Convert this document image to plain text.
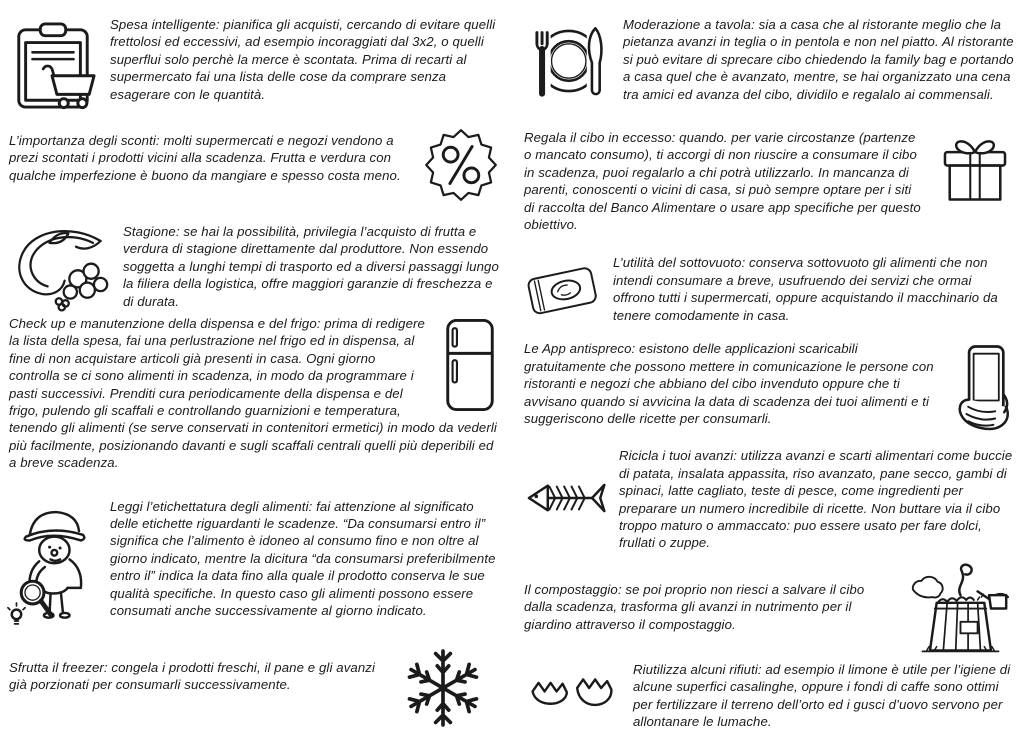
Spesa intelligente: pianifica gli acquisti, cercando di evitare quelli frettolosi ed eccessivi, ad esempio incoraggiati dal 3x2, o quelli superflui solo perchè la merce è scontata. Prima di recarti al supermercato fai una lista delle cose da comprare senza esagerare con le quantità.

L’importanza degli sconti: molti supermercati e negozi vendono a prezi scontati i prodotti vicini alla scadenza. Frutta e verdura con qualche imperfezione è buono da mangiare e spesso costa meno.

Stagione: se hai la possibilità, privilegia l’acquisto di frutta e verdura di stagione direttamente dal produttore. Non essendo soggetta a lunghi tempi di trasporto ed a diversi passaggi lungo la filiera della logistica, offre maggiori garanzie di freschezza e di durata.

Check up e manutenzione della dispensa e del frigo: prima di redigere la lista della spesa, fai una perlustrazione nel frigo ed in dispensa, al fine di non acquistare articoli già presenti in casa. Ogni giorno controlla se ci sono alimenti in scadenza, in modo da programmare i pasti successivi. Prenditi cura periodicamente della dispensa e del frigo, pulendo gli scaffali e controllando guarnizioni e temperatura, tenendo gli alimenti (se serve conservati in contenitori ermetici) in modo da vederli più facilmente, posizionando davanti e sugli scaffali centrali quelli più deperibili ed a breve scadenza.

Leggi l’etichettatura degli alimenti: fai attenzione al significato delle etichette riguardanti le scadenze. “Da consumarsi entro il” significa che l’alimento è idoneo al consumo fino e non oltre al giorno indicato, mentre la dicitura “da consumarsi preferibilmente entro il” indica la data fino alla quale il prodotto conserva le sue qualità specifiche. In questo caso gli alimenti possono essere consumati anche successivamente al giorno indicato.

Sfrutta il freezer: congela i prodotti freschi, il pane e gli avanzi già porzionati per consumarli successivamente.

Moderazione a tavola: sia a casa che al ristorante meglio che la pietanza avanzi in teglia o in pentola e non nel piatto. Al ristorante si può evitare di sprecare cibo chiedendo la family bag e portando a casa quel che è avanzato, mentre, se hai organizzato una cena tra amici ed avanza del cibo, dividilo e regalalo ai commensali.

Regala il cibo in eccesso: quando. per varie circostanze (partenze o mancato consumo), ti accorgi di non riuscire a consumare il cibo in scadenza, puoi regalarlo a chi potrà utilizzarlo. In mancanza di parenti, conoscenti o vicini di casa, si può sempre optare per i siti di raccolta del Banco Alimentare o usare app specifiche per questo obiettivo.

L’utilità del sottovuoto: conserva sottovuoto gli alimenti che non intendi consumare a breve, usufruendo dei servizi che ormai offrono tutti i supermercati, oppure acquistando il macchinario da tenere comodamente in casa.

Le App antispreco: esistono delle applicazioni scaricabili gratuitamente che possono mettere in comunicazione le persone con ristoranti e negozi che abbiano del cibo invenduto oppure che ti avvisano quando si avvicina la data di scadenza dei tuoi alimenti e ti suggeriscono delle ricette per consumarli.

Ricicla i tuoi avanzi: utilizza avanzi e scarti alimentari come buccie di patata, insalata appassita, riso avanzato, pane secco, gambi di spinaci, latte cagliato, teste di pesce, come ingredienti per preparare un numero incredibile di ricette. Non buttare via il cibo troppo maturo o ammaccato: puo essere usato per fare dolci, frullati o zuppe.

Il compostaggio: se poi proprio non riesci a salvare il cibo dalla scadenza, trasforma gli avanzi in nutrimento per il giardino attraverso il compostaggio.

Riutilizza alcuni rifiuti: ad esempio il limone è utile per l’igiene di alcune superfici casalinghe, oppure i fondi di caffe sono ottimi per fertilizzare il terreno dell’orto ed i gusci d’uovo servono per allontanare le lumache.
